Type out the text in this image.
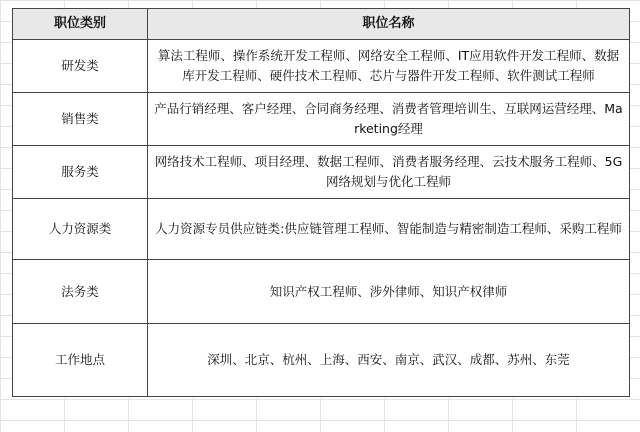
职位类别	职位名称
研发类	算法工程师、操作系统开发工程师、网络安全工程师、IT应用软件开发工程师、数据库开发工程师、硬件技术工程师、芯片与器件开发工程师、软件测试工程师
销售类	产品行销经理、客户经理、合同商务经理、消费者管理培训生、互联网运营经理、Marketing经理
服务类	网络技术工程师、项目经理、数据工程师、消费者服务经理、云技术服务工程师、5G网络规划与优化工程师
人力资源类	人力资源专员供应链类:供应链管理工程师、智能制造与精密制造工程师、采购工程师
法务类	知识产权工程师、涉外律师、知识产权律师
工作地点	深圳、北京、杭州、上海、西安、南京、武汉、成都、苏州、东莞
